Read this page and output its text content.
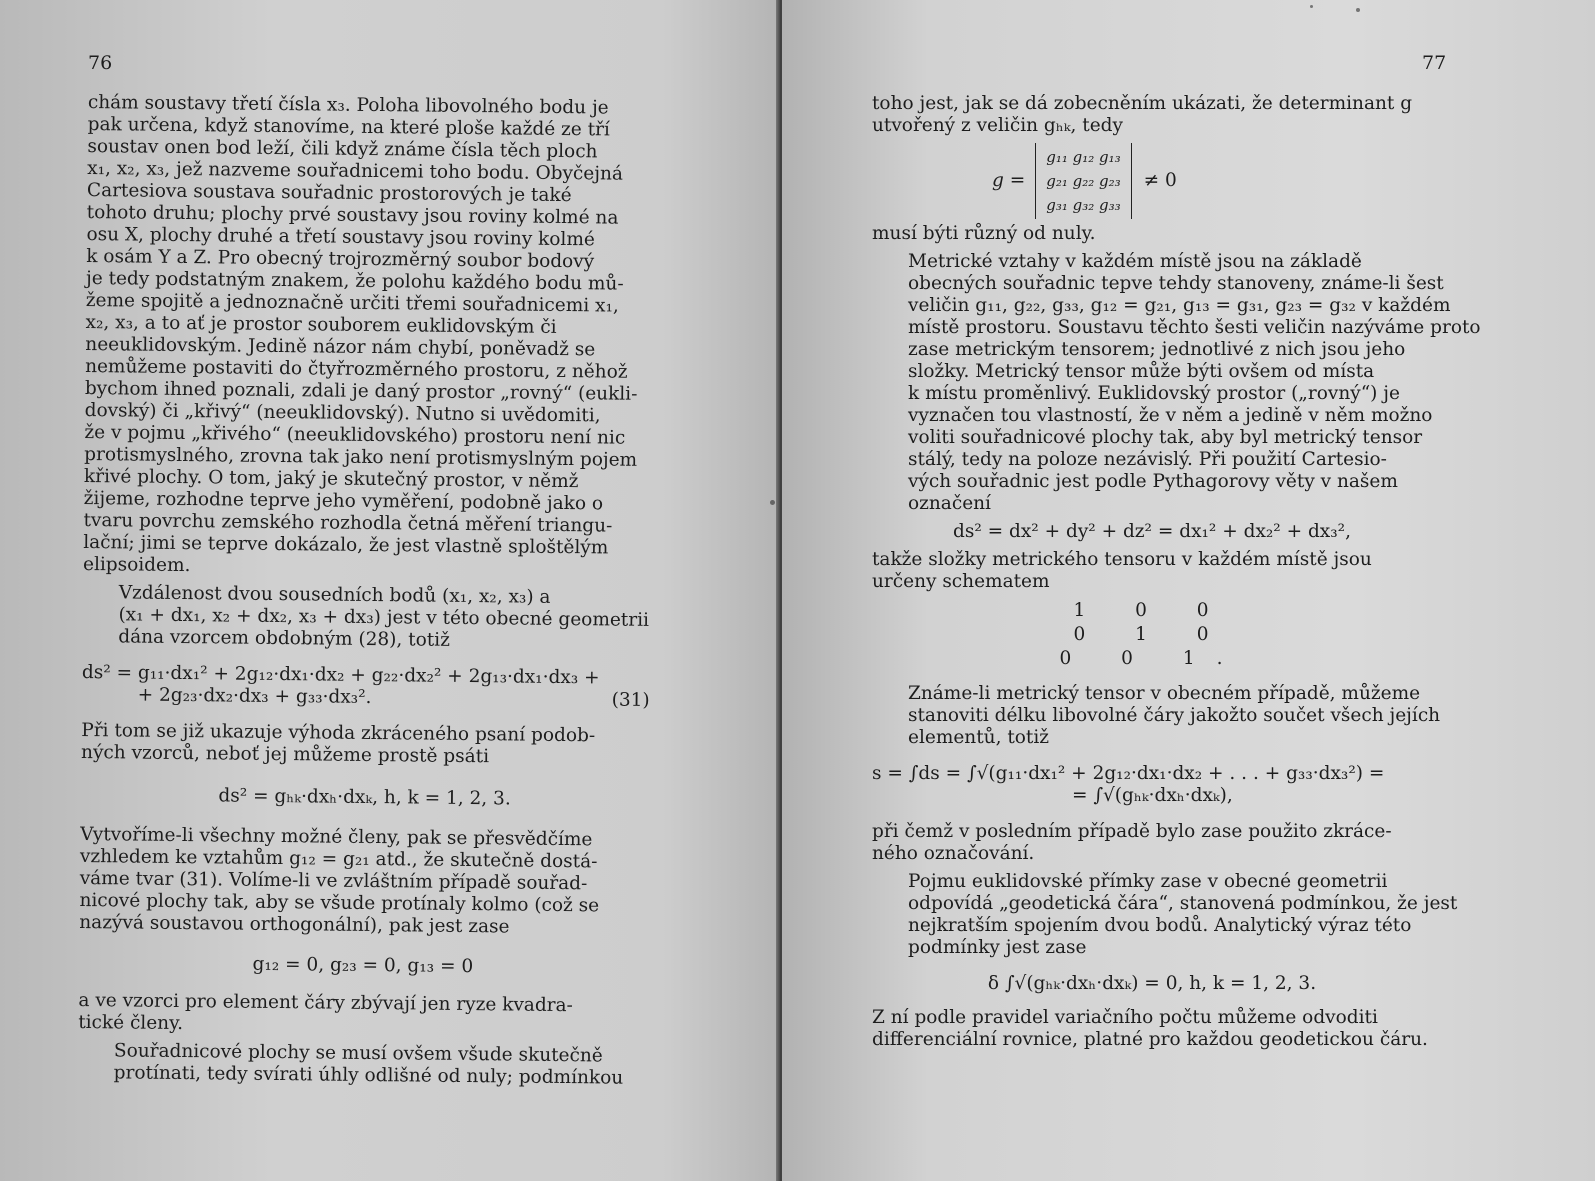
76
chám soustavy třetí čísla x₃. Poloha libovolného bodu je
pak určena, když stanovíme, na které ploše každé ze tří
soustav onen bod leží, čili když známe čísla těch ploch
x₁, x₂, x₃, jež nazveme souřadnicemi toho bodu. Obyčejná
Cartesiova soustava souřadnic prostorových je také
tohoto druhu; plochy prvé soustavy jsou roviny kolmé na
osu X, plochy druhé a třetí soustavy jsou roviny kolmé
k osám Y a Z. Pro obecný trojrozměrný soubor bodový
je tedy podstatným znakem, že polohu každého bodu mů-
žeme spojitě a jednoznačně určiti třemi souřadnicemi x₁,
x₂, x₃, a to ať je prostor souborem euklidovským či
neeuklidovským. Jedině názor nám chybí, poněvadž se
nemůžeme postaviti do čtyřrozměrného prostoru, z něhož
bychom ihned poznali, zdali je daný prostor „rovný“ (eukli-
dovský) či „křivý“ (neeuklidovský). Nutno si uvědomiti,
že v pojmu „křivého“ (neeuklidovského) prostoru není nic
protismyslného, zrovna tak jako není protismyslným pojem
křivé plochy. O tom, jaký je skutečný prostor, v němž
žijeme, rozhodne teprve jeho vyměření, podobně jako o
tvaru povrchu zemského rozhodla četná měření triangu-
lační; jimi se teprve dokázalo, že jest vlastně sploštělým
elipsoidem.
Vzdálenost dvou sousedních bodů (x₁, x₂, x₃) a
(x₁ + dx₁, x₂ + dx₂, x₃ + dx₃) jest v této obecné geometrii
dána vzorcem obdobným (28), totiž
ds² = g₁₁·dx₁² + 2g₁₂·dx₁·dx₂ + g₂₂·dx₂² + 2g₁₃·dx₁·dx₃ +
+ 2g₂₃·dx₂·dx₃ + g₃₃·dx₃².	(31)
Při tom se již ukazuje výhoda zkráceného psaní podob-
ných vzorců, neboť jej můžeme prostě psáti
ds² = gₕₖ·dxₕ·dxₖ, h, k = 1, 2, 3.
Vytvoříme-li všechny možné členy, pak se přesvědčíme
vzhledem ke vztahům g₁₂ = g₂₁ atd., že skutečně dostá-
váme tvar (31). Volíme-li ve zvláštním případě souřad-
nicové plochy tak, aby se všude protínaly kolmo (což se
nazývá soustavou orthogonální), pak jest zase
g₁₂ = 0, g₂₃ = 0, g₁₃ = 0
a ve vzorci pro element čáry zbývají jen ryze kvadra-
tické členy.
Souřadnicové plochy se musí ovšem všude skutečně
protínati, tedy svírati úhly odlišné od nuly; podmínkou
77
toho jest, jak se dá zobecněním ukázati, že determinant g
utvořený z veličin gₕₖ, tedy
g =
g₁₁ g₁₂ g₁₃
g₂₁ g₂₂ g₂₃
g₃₁ g₃₂ g₃₃
≠ 0
musí býti různý od nuly.
Metrické vztahy v každém místě jsou na základě
obecných souřadnic tepve tehdy stanoveny, známe-li šest
veličin g₁₁, g₂₂, g₃₃, g₁₂ = g₂₁, g₁₃ = g₃₁, g₂₃ = g₃₂ v každém
místě prostoru. Soustavu těchto šesti veličin nazýváme proto
zase metrickým tensorem; jednotlivé z nich jsou jeho
složky. Metrický tensor může býti ovšem od místa
k místu proměnlivý. Euklidovský prostor („rovný“) je
vyznačen tou vlastností, že v něm a jedině v něm možno
voliti souřadnicové plochy tak, aby byl metrický tensor
stálý, tedy na poloze nezávislý. Při použití Cartesio-
vých souřadnic jest podle Pythagorovy věty v našem
označení
ds² = dx² + dy² + dz² = dx₁² + dx₂² + dx₃²,
takže složky metrického tensoru v každém místě jsou
určeny schematem
1 0 0
0 1 0
0 0 1.
Známe-li metrický tensor v obecném případě, můžeme
stanoviti délku libovolné čáry jakožto součet všech jejích
elementů, totiž
s = ∫ds = ∫√(g₁₁·dx₁² + 2g₁₂·dx₁·dx₂ + . . . + g₃₃·dx₃²) =
= ∫√(gₕₖ·dxₕ·dxₖ),
při čemž v posledním případě bylo zase použito zkrácе-
ného označování.
Pojmu euklidovské přímky zase v obecné geometrii
odpovídá „geodetická čára“, stanovená podmínkou, že jest
nejkratším spojením dvou bodů. Analytický výraz této
podmínky jest zase
δ ∫√(gₕₖ·dxₕ·dxₖ) = 0, h, k = 1, 2, 3.
Z ní podle pravidel variačního počtu můžeme odvoditi
differenciální rovnice, platné pro každou geodetickou čáru.
